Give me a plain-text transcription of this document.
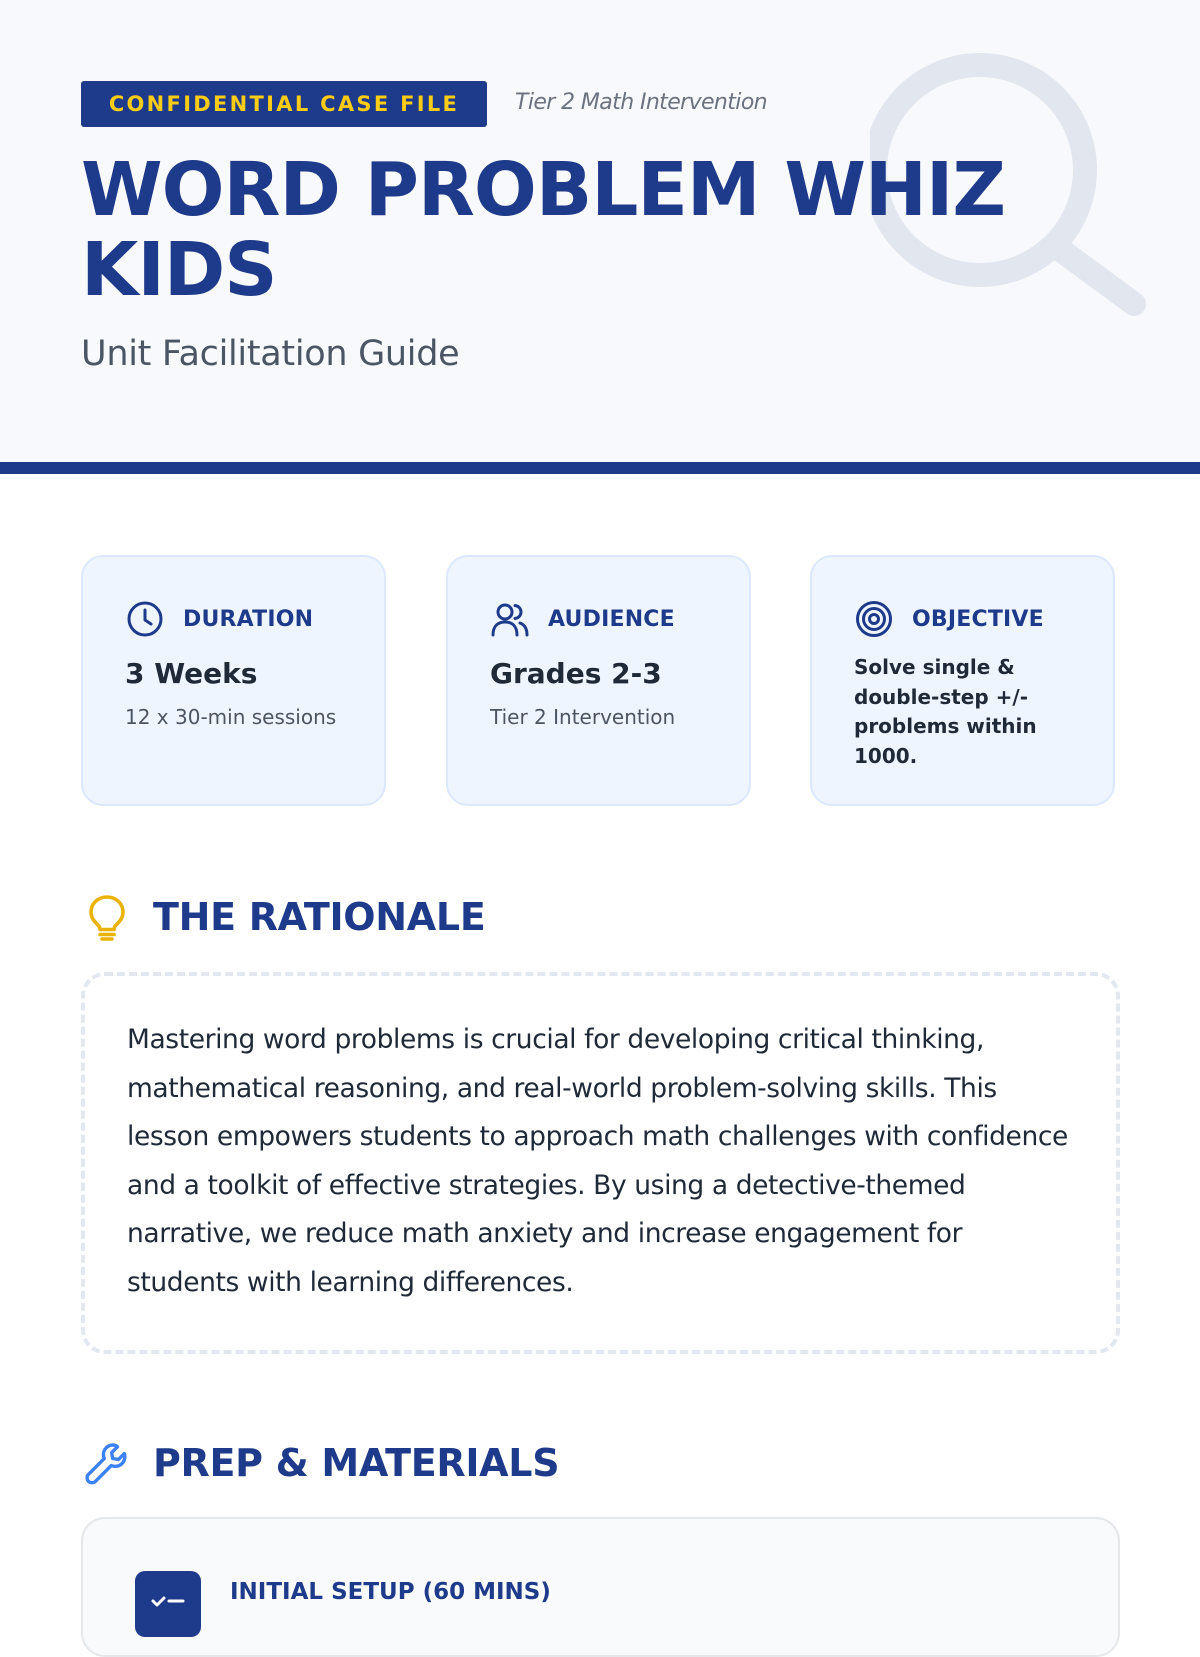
CONFIDENTIAL CASE FILE	Tier 2 Math Intervention
WORD PROBLEM WHIZ KIDS
Unit Facilitation Guide
DURATION
3 Weeks
12 x 30-min sessions
AUDIENCE
Grades 2-3
Tier 2 Intervention
OBJECTIVE
Solve single & double-step +/- problems within 1000.
THE RATIONALE

Mastering word problems is crucial for developing critical thinking, mathematical reasoning, and real-world problem-solving skills. This lesson empowers students to approach math challenges with confidence and a toolkit of effective strategies. By using a detective-themed narrative, we reduce math anxiety and increase engagement for students with learning differences.

PREP & MATERIALS
INITIAL SETUP (60 MINS)
